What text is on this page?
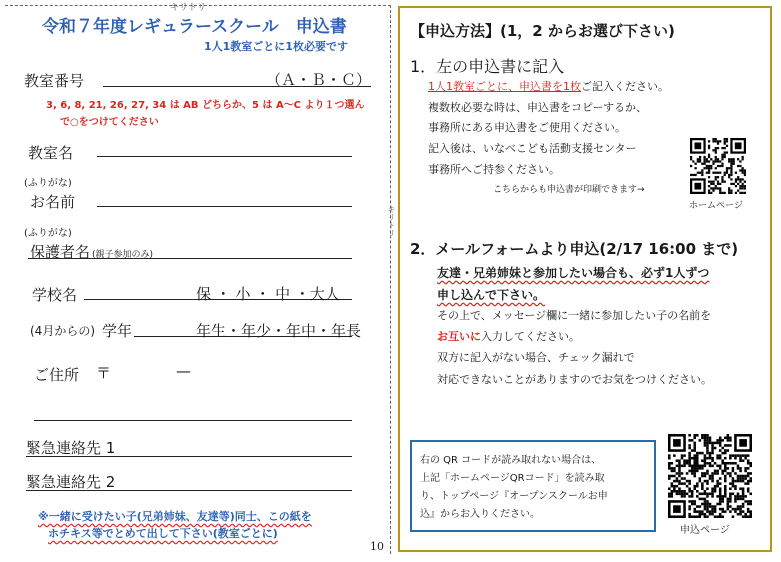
キリトリ
キリトリ
令和７年度レギュラースクール　申込書
1人1教室ごとに1枚必要です
教室番号	（Ａ・Ｂ・Ｃ）
3, 6, 8, 21, 26, 27, 34 は AB どちらか、5 は A〜C より１つ選ん
で○をつけてください
教室名
(ふりがな)
お名前
(ふりがな)
保護者名 (親子参加のみ)
学校名	保 ・ 小 ・ 中 ・大人
(4月からの) 学年	年生・年少・年中・年長
ご住所 〒	—
緊急連絡先 1
緊急連絡先 2
※一緒に受けたい子(兄弟姉妹、友達等)同士、この紙を
ホチキス等でとめて出して下さい(教室ごとに)
10
【申込方法】(1，2 からお選び下さい)
1．左の申込書に記入
1人1教室ごとに、申込書を1枚ご記入ください。
複数枚必要な時は、申込書をコピーするか、
事務所にある申込書をご使用ください。
記入後は、いなべこども活動支援センター
事務所へご持参ください。
こちらからも申込書が印刷できます→
ホームページ
2．メールフォームより申込(2/17 16:00 まで)
友達・兄弟姉妹と参加したい場合も、必ず1人ずつ
申し込んで下さい。
その上で、メッセージ欄に一緒に参加したい子の名前を
お互いに入力してください。
双方に記入がない場合、チェック漏れで
対応できないことがありますのでお気をつけください。
右の QR コードが読み取れない場合は、
上記「ホームページQRコード」を読み取
り、トップページ『オープンスクールお申
込』からお入りください。
申込ページ
